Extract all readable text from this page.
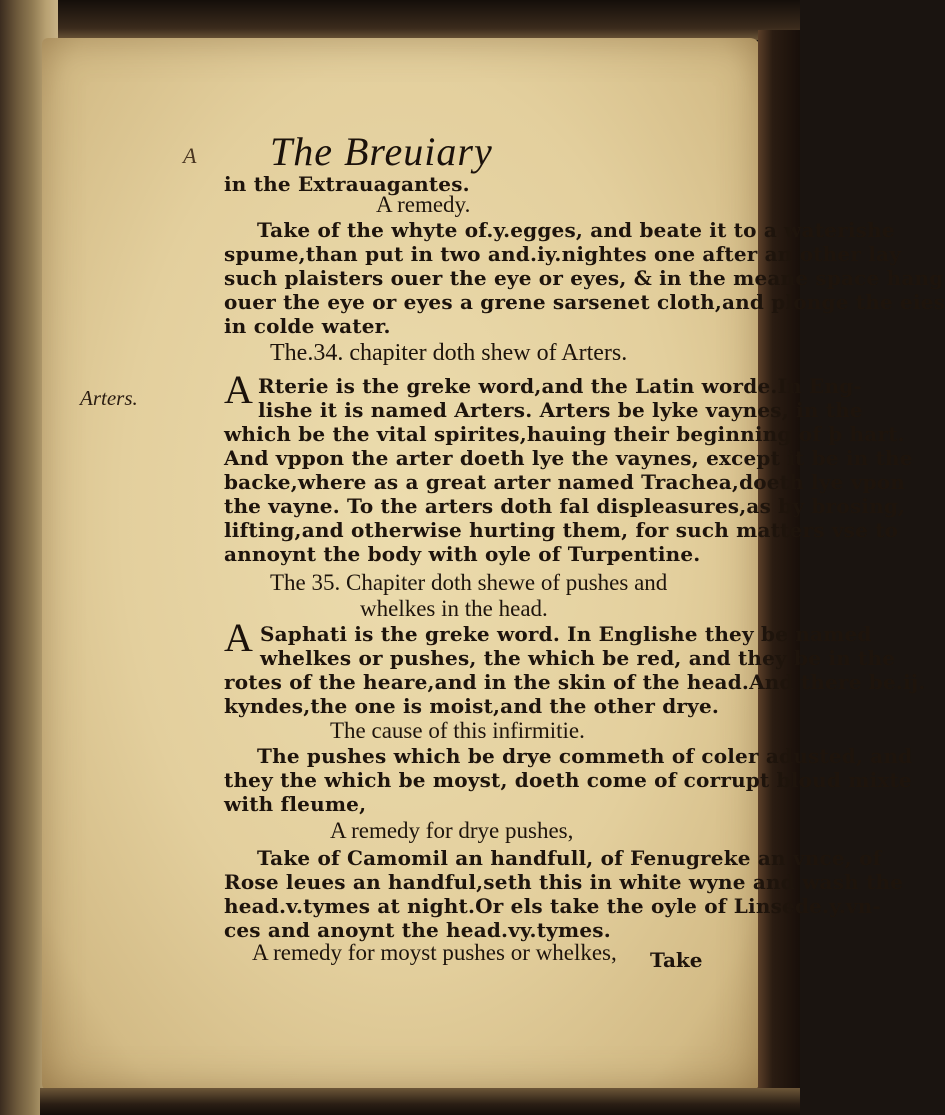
A The Breuiary
in the Extrauagantes.
A remedy.
Take of the whyte of.y.egges, and beate it to a waterishe
spume,than put in two and.iy.nightes one after an other lay
such plaisters ouer the eye or eyes, & in the meane space hang
ouer the eye or eyes a grene sarsenet cloth,and plonge the eies
in colde water.
The.34. chapiter doth shew of Arters.
A
Arters.	Rterie is the greke word,and the Latin worde.In Eng-
lishe it is named Arters. Arters be lyke vaynes, in the
which be the vital spirites,hauing their beginning of þ hart.
And vppon the arter doeth lye the vaynes, except it be in the
backe,where as a great arter named Trachea,doeth lye vpon
the vayne. To the arters doth fal displeasures,as by brosing,
lifting,and otherwise hurting them, for such matters vse to
annoynt the body with oyle of Turpentine.
The 35. Chapiter doth shewe of pushes and
whelkes in the head.
A Saphati is the greke word. In Englishe they be named
whelkes or pushes, the which be red, and they be in the
rotes of the heare,and in the skin of the head.And there be.ij.
kyndes,the one is moist,and the other drye.
The cause of this infirmitie.
The pushes which be drye commeth of coler adusted, and
they the which be moyst, doeth come of corrupt bloud mixte
with fleume,
A remedy for drye pushes,
Take of Camomil an handfull, of Fenugreke an vnce, of
Rose leues an handful,seth this in white wyne and wash the
head.v.tymes at night.Or els take the oyle of Linsede.y.vn-
ces and anoynt the head.vy.tymes.
A remedy for moyst pushes or whelkes, Take
